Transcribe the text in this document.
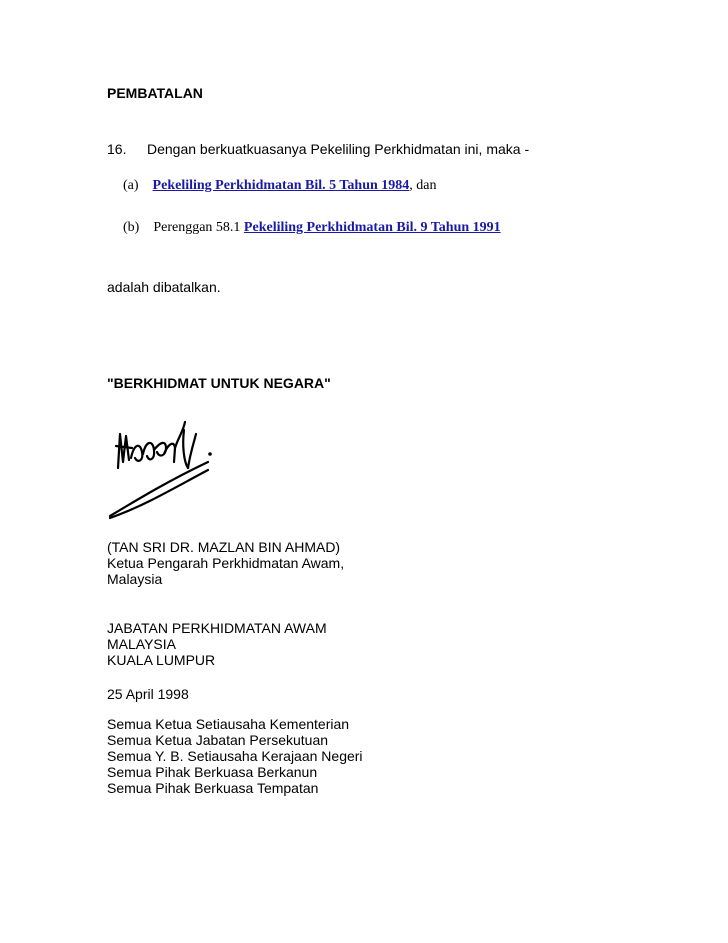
PEMBATALAN
16. Dengan berkuatkuasanya Pekeliling Perkhidmatan ini, maka -
(a) Pekeliling Perkhidmatan Bil. 5 Tahun 1984, dan
(b) Perenggan 58.1 Pekeliling Perkhidmatan Bil. 9 Tahun 1991
adalah dibatalkan.
"BERKHIDMAT UNTUK NEGARA"
(TAN SRI DR. MAZLAN BIN AHMAD)
Ketua Pengarah Perkhidmatan Awam,
Malaysia
JABATAN PERKHIDMATAN AWAM
MALAYSIA
KUALA LUMPUR
25 April 1998
Semua Ketua Setiausaha Kementerian
Semua Ketua Jabatan Persekutuan
Semua Y. B. Setiausaha Kerajaan Negeri
Semua Pihak Berkuasa Berkanun
Semua Pihak Berkuasa Tempatan
